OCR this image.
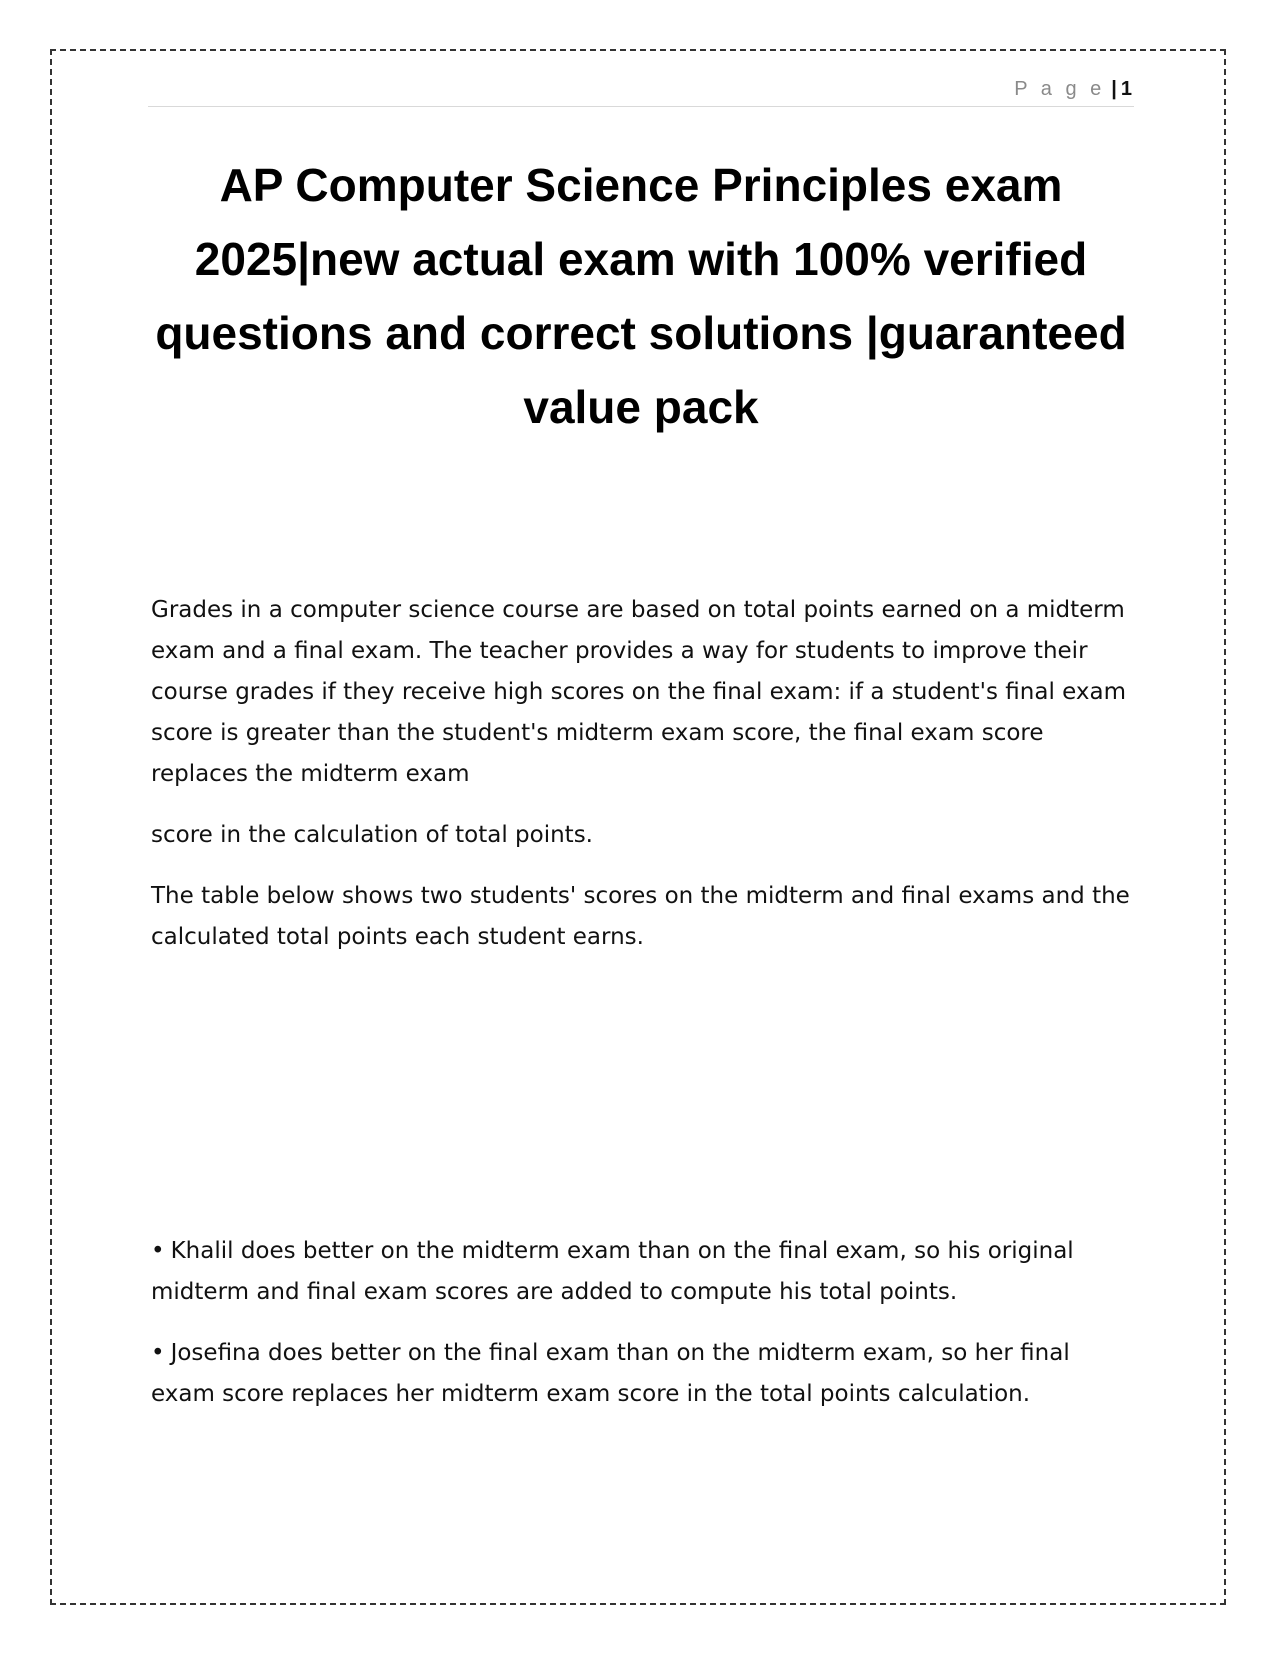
P a g e | 1
AP Computer Science Principles exam 2025|new actual exam with 100% verified questions and correct solutions |guaranteed value pack

Grades in a computer science course are based on total points earned on a midterm exam and a final exam. The teacher provides a way for students to improve their course grades if they receive high scores on the final exam: if a student's final exam score is greater than the student's midterm exam score, the final exam score replaces the midterm exam

score in the calculation of total points.

The table below shows two students' scores on the midterm and final exams and the calculated total points each student earns.

• Khalil does better on the midterm exam than on the final exam, so his original midterm and final exam scores are added to compute his total points.

• Josefina does better on the final exam than on the midterm exam, so her final exam score replaces her midterm exam score in the total points calculation.
